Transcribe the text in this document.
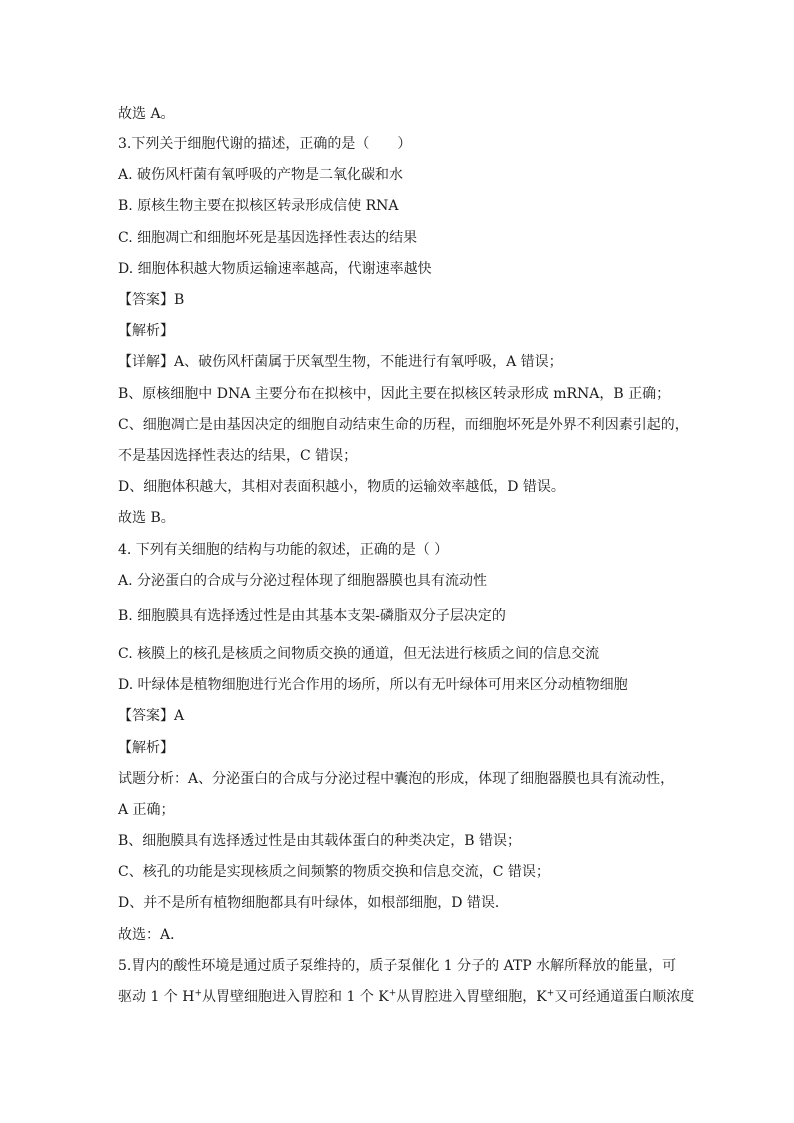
故选 A。
3.下列关于细胞代谢的描述，正确的是（　　）
A. 破伤风杆菌有氧呼吸的产物是二氧化碳和水
B. 原核生物主要在拟核区转录形成信使 RNA
C. 细胞凋亡和细胞坏死是基因选择性表达的结果
D. 细胞体积越大物质运输速率越高，代谢速率越快
【答案】B
【解析】
【详解】A、破伤风杆菌属于厌氧型生物，不能进行有氧呼吸，A 错误；
B、原核细胞中 DNA 主要分布在拟核中，因此主要在拟核区转录形成 mRNA，B 正确；
C、细胞凋亡是由基因决定的细胞自动结束生命的历程，而细胞坏死是外界不利因素引起的，
不是基因选择性表达的结果，C 错误；
D、细胞体积越大，其相对表面积越小，物质的运输效率越低，D 错误。
故选 B。
4. 下列有关细胞的结构与功能的叙述，正确的是（ ）
A. 分泌蛋白的合成与分泌过程体现了细胞器膜也具有流动性
B. 细胞膜具有选择透过性是由其基本支架-磷脂双分子层决定的
C. 核膜上的核孔是核质之间物质交换的通道，但无法进行核质之间的信息交流
D. 叶绿体是植物细胞进行光合作用的场所，所以有无叶绿体可用来区分动植物细胞
【答案】A
【解析】
试题分析：A、分泌蛋白的合成与分泌过程中囊泡的形成，体现了细胞器膜也具有流动性，
A 正确；
B、细胞膜具有选择透过性是由其载体蛋白的种类决定，B 错误；
C、核孔的功能是实现核质之间频繁的物质交换和信息交流，C 错误；
D、并不是所有植物细胞都具有叶绿体，如根部细胞，D 错误．
故选：A．
5.胃内的酸性环境是通过质子泵维持的，质子泵催化 1 分子的 ATP 水解所释放的能量，可
驱动 1 个 H+从胃壁细胞进入胃腔和 1 个 K+从胃腔进入胃壁细胞，K+又可经通道蛋白顺浓度
